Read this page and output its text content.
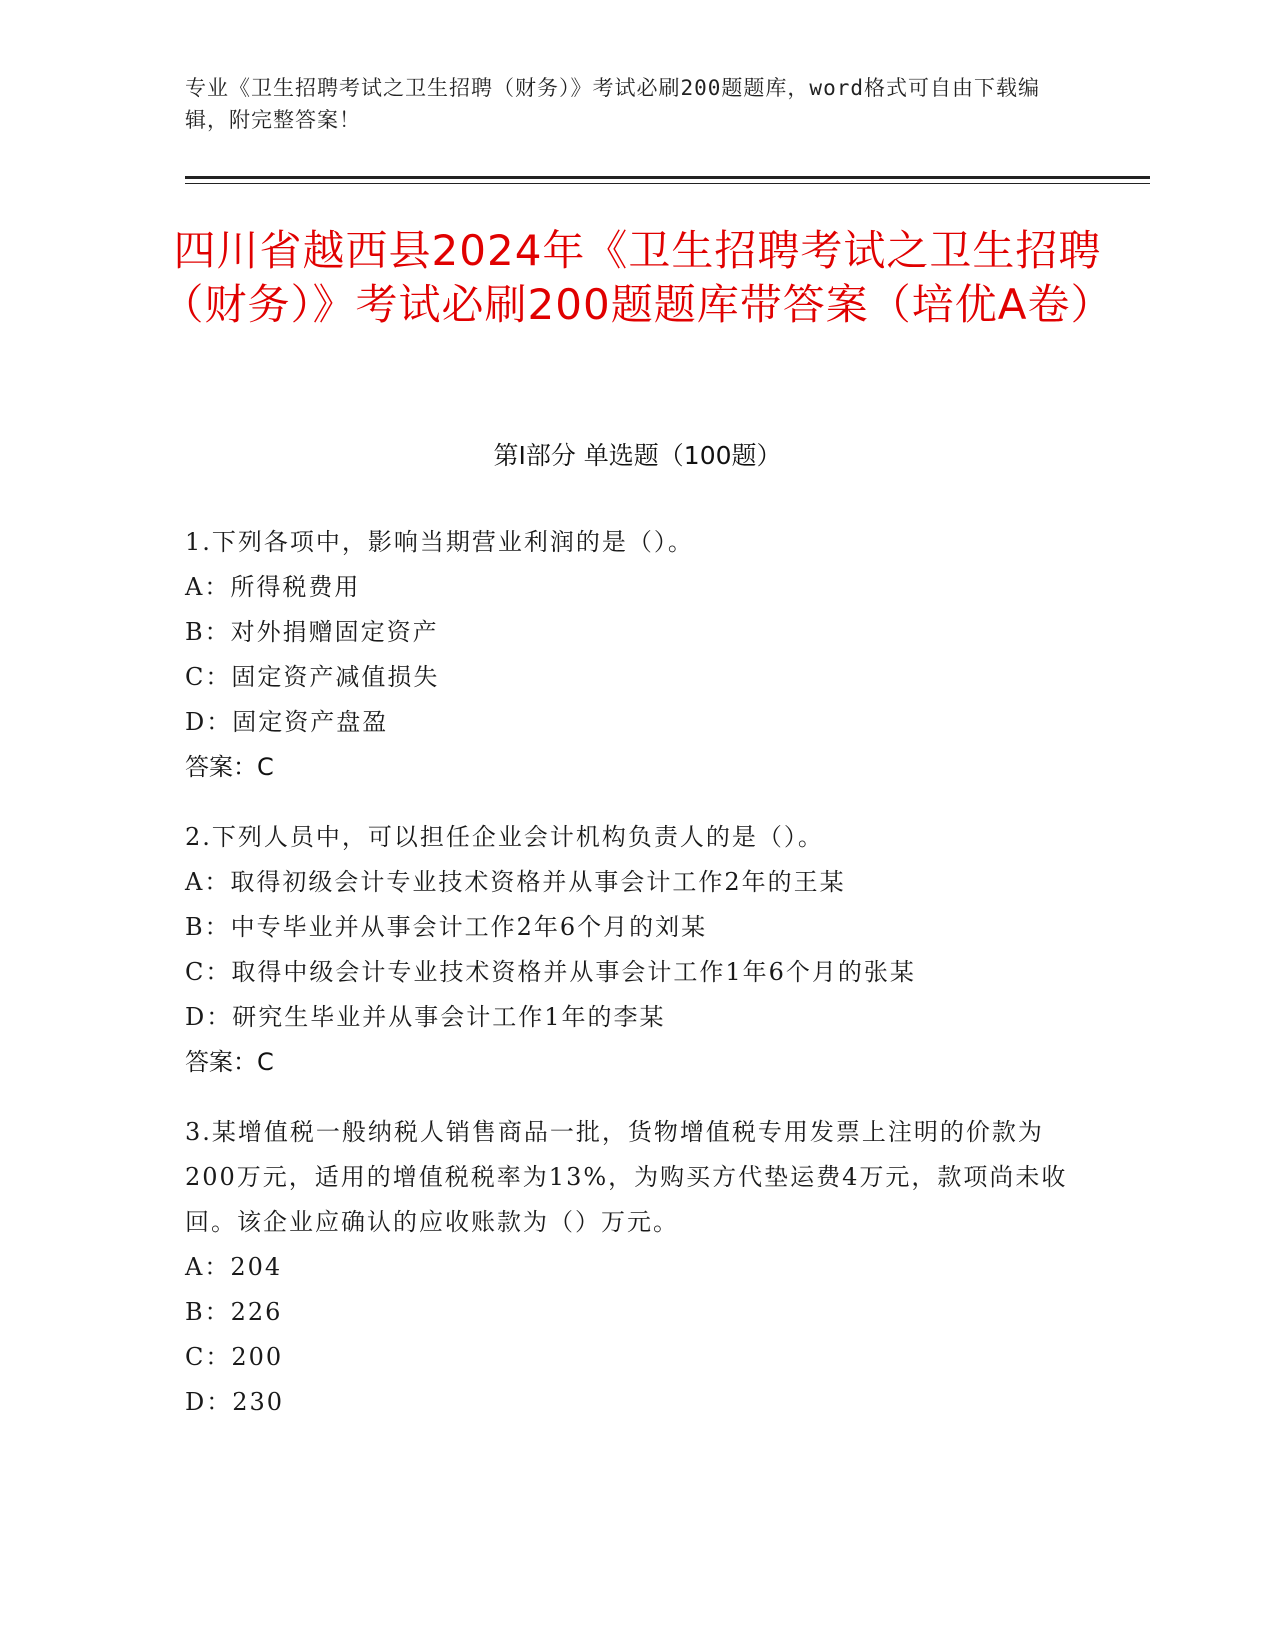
专业《卫生招聘考试之卫生招聘（财务）》考试必刷200题题库，word格式可自由下载编辑，附完整答案！
四川省越西县2024年《卫生招聘考试之卫生招聘（财务）》考试必刷200题题库带答案（培优A卷）
第Ⅰ部分 单选题（100题）
1.下列各项中，影响当期营业利润的是（）。
A：所得税费用
B：对外捐赠固定资产
C：固定资产减值损失
D：固定资产盘盈
答案：C
2.下列人员中，可以担任企业会计机构负责人的是（）。
A：取得初级会计专业技术资格并从事会计工作2年的王某
B：中专毕业并从事会计工作2年6个月的刘某
C：取得中级会计专业技术资格并从事会计工作1年6个月的张某
D：研究生毕业并从事会计工作1年的李某
答案：C
3.某增值税一般纳税人销售商品一批，货物增值税专用发票上注明的价款为200万元，适用的增值税税率为13%，为购买方代垫运费4万元，款项尚未收回。该企业应确认的应收账款为（）万元。
A：204
B：226
C：200
D：230
